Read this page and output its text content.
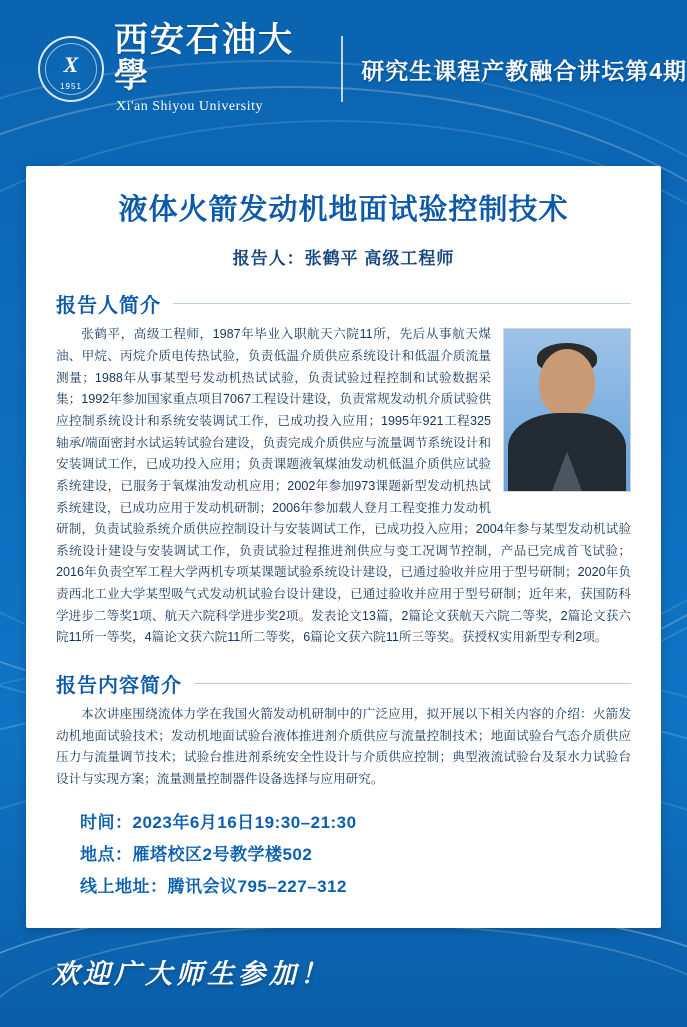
X
1951
西安石油大學
Xi'an Shiyou University
研究生课程产教融合讲坛第4期
液体火箭发动机地面试验控制技术
报告人：张鹤平 高级工程师
报告人简介
张鹤平，高级工程师，1987年毕业入职航天六院11所，先后从事航天煤油、甲烷、丙烷介质电传热试验，负责低温介质供应系统设计和低温介质流量测量；1988年从事某型号发动机热试试验，负责试验过程控制和试验数据采集；1992年参加国家重点项目7067工程设计建设，负责常规发动机介质试验供应控制系统设计和系统安装调试工作，已成功投入应用；1995年921工程325轴承/端面密封水试运转试验台建设，负责完成介质供应与流量调节系统设计和安装调试工作，已成功投入应用；负责课题液氧煤油发动机低温介质供应试验系统建设，已服务于氧煤油发动机应用；2002年参加973课题新型发动机热试系统建设，已成功应用于发动机研制；2006年参加载人登月工程变推力发动机研制，负责试验系统介质供应控制设计与安装调试工作，已成功投入应用；2004年参与某型发动机试验系统设计建设与安装调试工作，负责试验过程推进剂供应与变工况调节控制，产品已完成首飞试验；2016年负责空军工程大学两机专项某课题试验系统设计建设，已通过验收并应用于型号研制；2020年负责西北工业大学某型吸气式发动机试验台设计建设，已通过验收并应用于型号研制；近年来，获国防科学进步二等奖1项、航天六院科学进步奖2项。发表论文13篇，2篇论文获航天六院二等奖，2篇论文获六院11所一等奖，4篇论文获六院11所二等奖，6篇论文获六院11所三等奖。获授权实用新型专利2项。
报告内容简介
本次讲座围绕流体力学在我国火箭发动机研制中的广泛应用，拟开展以下相关内容的介绍：火箭发动机地面试验技术；发动机地面试验台液体推进剂介质供应与流量控制技术；地面试验台气态介质供应压力与流量调节技术；试验台推进剂系统安全性设计与介质供应控制；典型液流试验台及泵水力试验台设计与实现方案；流量测量控制器件设备选择与应用研究。
时间：2023年6月16日19:30–21:30
地点：雁塔校区2号教学楼502
线上地址：腾讯会议795–227–312
欢迎广大师生参加！
